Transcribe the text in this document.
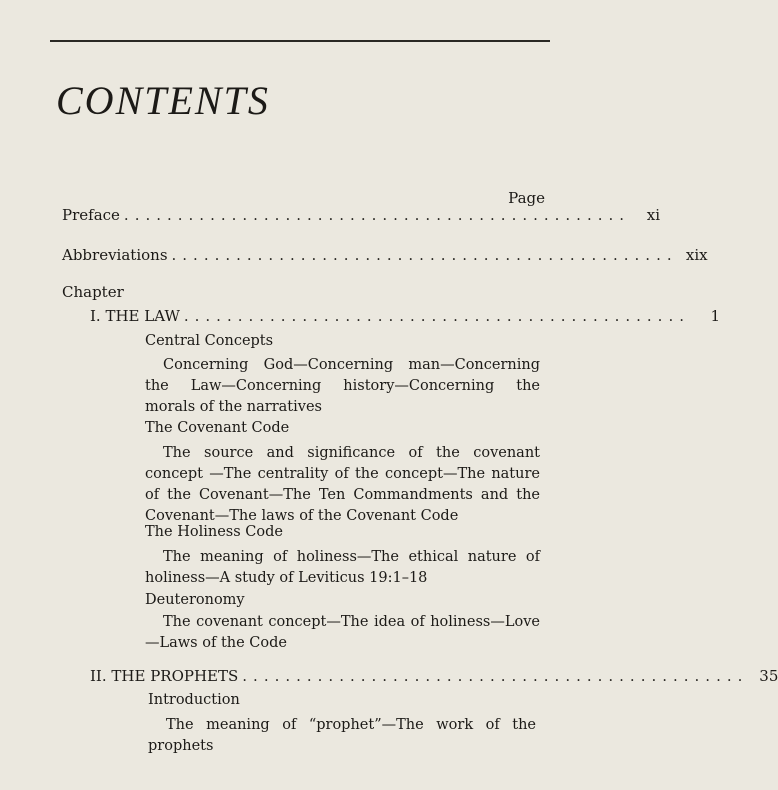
CONTENTS
Page
Preface ...............................................	xi
Abbreviations ............................................... xix
Chapter
I. THE LAW ...............................................	1
Central Concepts
Concerning God—Concerning man—Concerning the Law—Concerning history—Concerning the morals of the narratives
The Covenant Code
The source and significance of the covenant concept —The centrality of the concept—The nature of the Covenant—The Ten Commandments and the Covenant—The laws of the Covenant Code
The Holiness Code
The meaning of holiness—The ethical nature of holiness—A study of Leviticus 19:1–18
Deuteronomy
The covenant concept—The idea of holiness—Love—Laws of the Code
II. THE PROPHETS ............................................... 35
Introduction
The meaning of “prophet”—The work of the prophets
